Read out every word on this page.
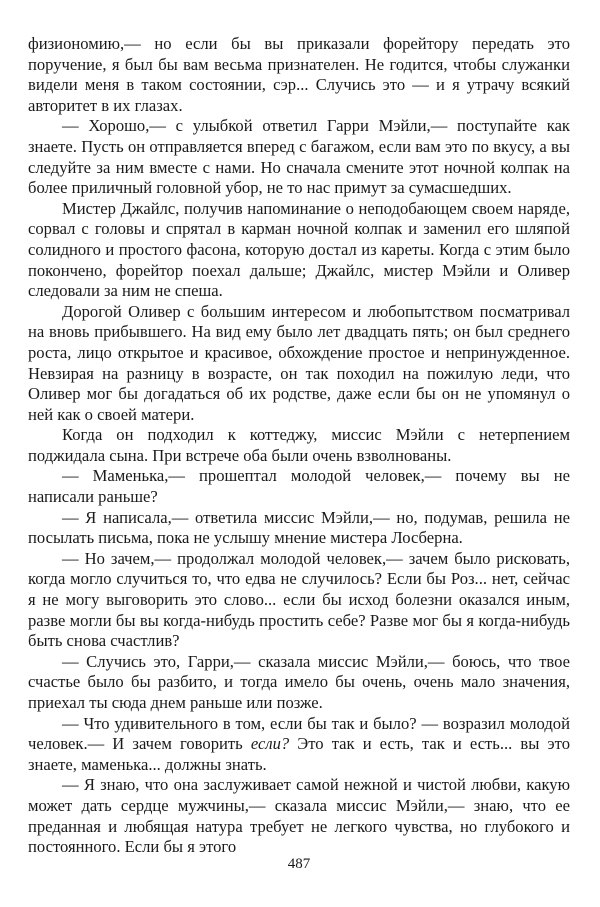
физиономию,— но если бы вы приказали форейтору передать это поручение, я был бы вам весьма признателен. Не годится, чтобы служанки видели меня в таком состоянии, сэр... Случись это — и я утрачу всякий авторитет в их глазах.

— Хорошо,— с улыбкой ответил Гарри Мэйли,— поступайте как знаете. Пусть он отправляется вперед с багажом, если вам это по вкусу, а вы следуйте за ним вместе с нами. Но сначала смените этот ночной колпак на более приличный головной убор, не то нас примут за сумасшедших.

Мистер Джайлс, получив напоминание о неподобающем своем наряде, сорвал с головы и спрятал в карман ночной колпак и заменил его шляпой солидного и простого фасона, которую достал из кареты. Когда с этим было покончено, форейтор поехал дальше; Джайлс, мистер Мэйли и Оливер следовали за ним не спеша.

Дорогой Оливер с большим интересом и любопытством посматривал на вновь прибывшего. На вид ему было лет двадцать пять; он был среднего роста, лицо открытое и красивое, обхождение простое и непринужденное. Невзирая на разницу в возрасте, он так походил на пожилую леди, что Оливер мог бы догадаться об их родстве, даже если бы он не упомянул о ней как о своей матери.

Когда он подходил к коттеджу, миссис Мэйли с нетерпением поджидала сына. При встрече оба были очень взволнованы.

— Маменька,— прошептал молодой человек,— почему вы не написали раньше?

— Я написала,— ответила миссис Мэйли,— но, подумав, решила не посылать письма, пока не услышу мнение мистера Лосберна.

— Но зачем,— продолжал молодой человек,— зачем было рисковать, когда могло случиться то, что едва не случилось? Если бы Роз... нет, сейчас я не могу выговорить это слово... если бы исход болезни оказался иным, разве могли бы вы когда-нибудь простить себе? Разве мог бы я когда-нибудь быть снова счастлив?

— Случись это, Гарри,— сказала миссис Мэйли,— боюсь, что твое счастье было бы разбито, и тогда имело бы очень, очень мало значения, приехал ты сюда днем раньше или позже.

— Что удивительного в том, если бы так и было? — возразил молодой человек.— И зачем говорить если? Это так и есть, так и есть... вы это знаете, маменька... должны знать.

— Я знаю, что она заслуживает самой нежной и чистой любви, какую может дать сердце мужчины,— сказала миссис Мэйли,— знаю, что ее преданная и любящая натура требует не легкого чувства, но глубокого и постоянного. Если бы я этого

487
